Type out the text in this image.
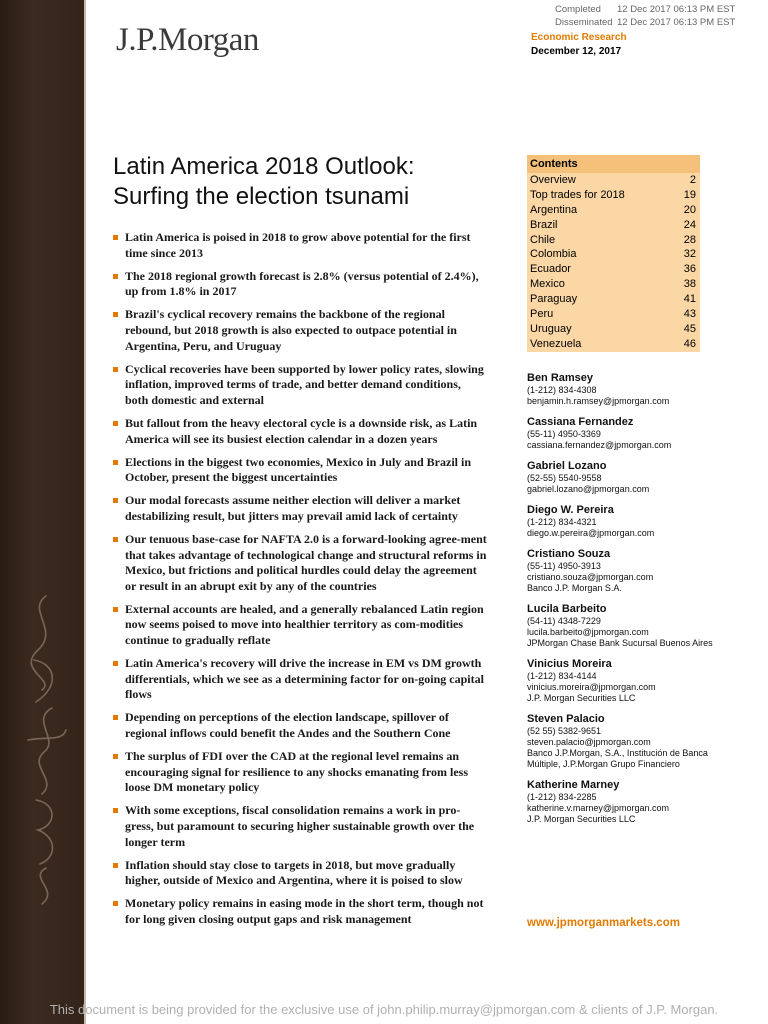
J.P.Morgan
Completed 12 Dec 2017 06:13 PM EST
Disseminated 12 Dec 2017 06:13 PM EST
Economic Research
December 12, 2017
Latin America 2018 Outlook:
Surfing the election tsunami
Latin America is poised in 2018 to grow above potential for the first time since 2013
The 2018 regional growth forecast is 2.8% (versus potential of 2.4%), up from 1.8% in 2017
Brazil's cyclical recovery remains the backbone of the regional rebound, but 2018 growth is also expected to outpace potential in Argentina, Peru, and Uruguay
Cyclical recoveries have been supported by lower policy rates, slowing inflation, improved terms of trade, and better demand conditions, both domestic and external
But fallout from the heavy electoral cycle is a downside risk, as Latin America will see its busiest election calendar in a dozen years
Elections in the biggest two economies, Mexico in July and Brazil in October, present the biggest uncertainties
Our modal forecasts assume neither election will deliver a market destabilizing result, but jitters may prevail amid lack of certainty
Our tenuous base-case for NAFTA 2.0 is a forward-looking agree-ment that takes advantage of technological change and structural reforms in Mexico, but frictions and political hurdles could delay the agreement or result in an abrupt exit by any of the countries
External accounts are healed, and a generally rebalanced Latin region now seems poised to move into healthier territory as com-modities continue to gradually reflate
Latin America's recovery will drive the increase in EM vs DM growth differentials, which we see as a determining factor for on-going capital flows
Depending on perceptions of the election landscape, spillover of regional inflows could benefit the Andes and the Southern Cone
The surplus of FDI over the CAD at the regional level remains an encouraging signal for resilience to any shocks emanating from less loose DM monetary policy
With some exceptions, fiscal consolidation remains a work in pro-gress, but paramount to securing higher sustainable growth over the longer term
Inflation should stay close to targets in 2018, but move gradually higher, outside of Mexico and Argentina, where it is poised to slow
Monetary policy remains in easing mode in the short term, though not for long given closing output gaps and risk management
Contents
Overview	2
Top trades for 2018	19
Argentina	20
Brazil	24
Chile	28
Colombia	32
Ecuador	36
Mexico	38
Paraguay	41
Peru	43
Uruguay	45
Venezuela	46
Ben Ramsey
(1-212) 834-4308
benjamin.h.ramsey@jpmorgan.com
Cassiana Fernandez
(55-11) 4950-3369
cassiana.fernandez@jpmorgan.com
Gabriel Lozano
(52-55) 5540-9558
gabriel.lozano@jpmorgan.com
Diego W. Pereira
(1-212) 834-4321
diego.w.pereira@jpmorgan.com
Cristiano Souza
(55-11) 4950-3913
cristiano.souza@jpmorgan.com
Banco J.P. Morgan S.A.
Lucila Barbeito
(54-11) 4348-7229
lucila.barbeito@jpmorgan.com
JPMorgan Chase Bank Sucursal Buenos Aires
Vinicius Moreira
(1-212) 834-4144
vinicius.moreira@jpmorgan.com
J.P. Morgan Securities LLC
Steven Palacio
(52 55) 5382-9651
steven.palacio@jpmorgan.com
Banco J.P.Morgan, S.A., Institución de Banca Múltiple, J.P.Morgan Grupo Financiero
Katherine Marney
(1-212) 834-2285
katherine.v.marney@jpmorgan.com
J.P. Morgan Securities LLC
www.jpmorganmarkets.com
This document is being provided for the exclusive use of john.philip.murray@jpmorgan.com & clients of J.P. Morgan.
